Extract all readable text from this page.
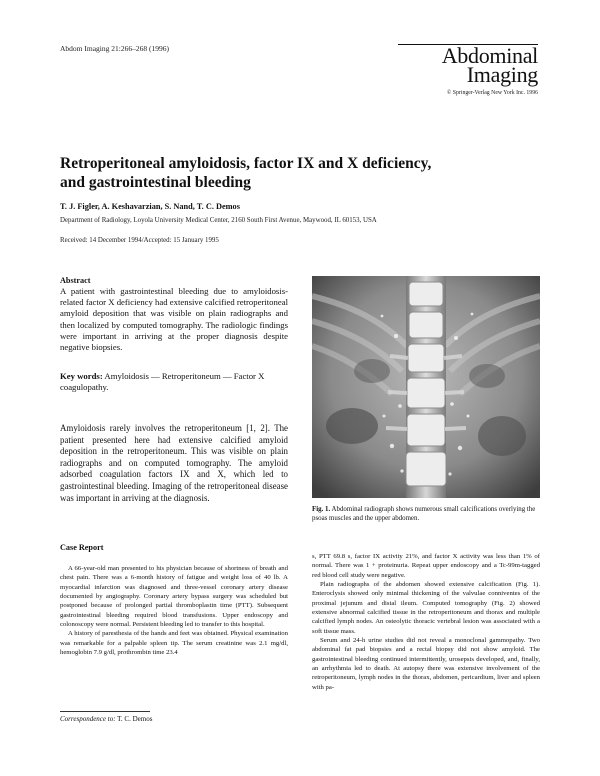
Abdom Imaging 21:266–268 (1996)	Abdominal
Imaging
© Springer-Verlag New York Inc. 1996
Retroperitoneal amyloidosis, factor IX and X deficiency,
and gastrointestinal bleeding
T. J. Figler, A. Keshavarzian, S. Nand, T. C. Demos
Department of Radiology, Loyola University Medical Center, 2160 South First Avenue, Maywood, IL 60153, USA
Received: 14 December 1994/Accepted: 15 January 1995
Abstract

A patient with gastrointestinal bleeding due to amyloidosis-related factor X deficiency had extensive calcified retroperitoneal amyloid deposition that was visible on plain radiographs and then localized by computed tomography. The radiologic findings were important in arriving at the proper diagnosis despite negative biopsies.

Key words: Amyloidosis — Retroperitoneum — Factor X coagulopathy.

Amyloidosis rarely involves the retroperitoneum [1, 2]. The patient presented here had extensive calcified amyloid deposition in the retroperitoneum. This was visible on plain radiographs and on computed tomography. The amyloid adsorbed coagulation factors IX and X, which led to gastrointestinal bleeding. Imaging of the retroperitoneal disease was important in arriving at the diagnosis.

Case Report
A 66-year-old man presented to his physician because of shortness of breath and chest pain. There was a 6-month history of fatigue and weight loss of 40 lb. A myocardial infarction was diagnosed and three-vessel coronary artery disease documented by angiography. Coronary artery bypass surgery was scheduled but postponed because of prolonged partial thromboplastin time (PTT). Subsequent gastrointestinal bleeding required blood transfusions. Upper endoscopy and colonoscopy were normal. Persistent bleeding led to transfer to this hospital.
A history of paresthesia of the hands and feet was obtained. Physical examination was remarkable for a palpable spleen tip. The serum creatinine was 2.1 mg/dl, hemoglobin 7.9 g/dl, prothrombin time 23.4
Fig. 1. Abdominal radiograph shows numerous small calcifications overlying the psoas muscles and the upper abdomen.

s, PTT 69.8 s, factor IX activity 21%, and factor X activity was less than 1% of normal. There was 1 + proteinuria. Repeat upper endoscopy and a Tc-99m-tagged red blood cell study were negative.

Plain radiographs of the abdomen showed extensive calcification (Fig. 1). Enteroclysis showed only minimal thickening of the valvulae conniventes of the proximal jejunum and distal ileum. Computed tomography (Fig. 2) showed extensive abnormal calcified tissue in the retroperitoneum and thorax and multiple calcified lymph nodes. An osteolytic thoracic vertebral lesion was associated with a soft tissue mass.

Serum and 24-h urine studies did not reveal a monoclonal gammopathy. Two abdominal fat pad biopsies and a rectal biopsy did not show amyloid. The gastrointestinal bleeding continued intermittently, urosepsis developed, and, finally, an arrhythmia led to death. At autopsy there was extensive involvement of the retroperitoneum, lymph nodes in the thorax, abdomen, pericardium, liver and spleen with pa-

Correspondence to: T. C. Demos
